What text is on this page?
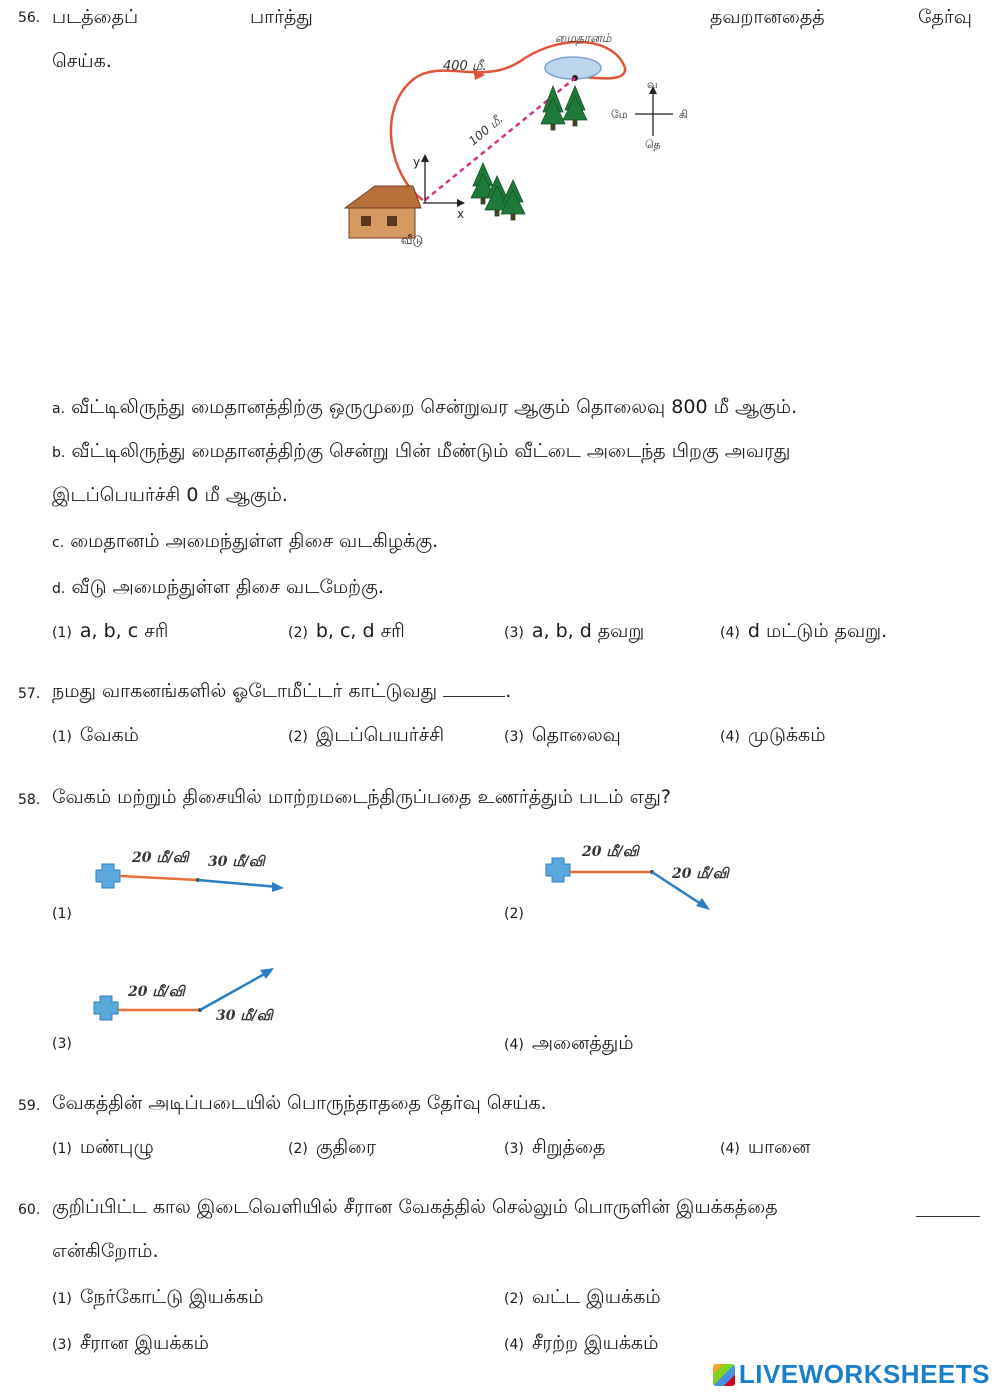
56. படத்தைப்	பார்த்து	தவறானதைத்	தேர்வு
செய்க.
y
x
வீடு
மைதானம்
400 மீ.
100 மீ.
வ
தெ
மே	கி
a. வீட்டிலிருந்து மைதானத்திற்கு ஒருமுறை சென்றுவர ஆகும் தொலைவு 800 மீ ஆகும்.
b. வீட்டிலிருந்து மைதானத்திற்கு சென்று பின் மீண்டும் வீட்டை அடைந்த பிறகு அவரது
இடப்பெயர்ச்சி 0 மீ ஆகும்.
c. மைதானம் அமைந்துள்ள திசை வடகிழக்கு.
d. வீடு அமைந்துள்ள திசை வடமேற்கு.
(1) a, b, c சரி	(2) b, c, d சரி	(3) a, b, d தவறு	(4) d மட்டும் தவறு.
57. நமது வாகனங்களில் ஓடோமீட்டர் காட்டுவது	.
(1) வேகம்	(2) இடப்பெயர்ச்சி	(3) தொலைவு	(4) முடுக்கம்
58. வேகம் மற்றும் திசையில் மாற்றமடைந்திருப்பதை உணர்த்தும் படம் எது?
20 மீ/வி 30 மீ/வி
(1)
20 மீ/வி
20 மீ/வி
(2)
20 மீ/வி
30 மீ/வி
(3)	(4) அனைத்தும்
59. வேகத்தின் அடிப்படையில் பொருந்தாததை தேர்வு செய்க.
(1) மண்புழு	(2) குதிரை	(3) சிறுத்தை	(4) யானை
60. குறிப்பிட்ட கால இடைவெளியில் சீரான வேகத்தில் செல்லும் பொருளின் இயக்கத்தை
என்கிறோம்.
(1) நேர்கோட்டு இயக்கம்	(2) வட்ட இயக்கம்
(3) சீரான இயக்கம்	(4) சீரற்ற இயக்கம்
LIVEWORKSHEETS
